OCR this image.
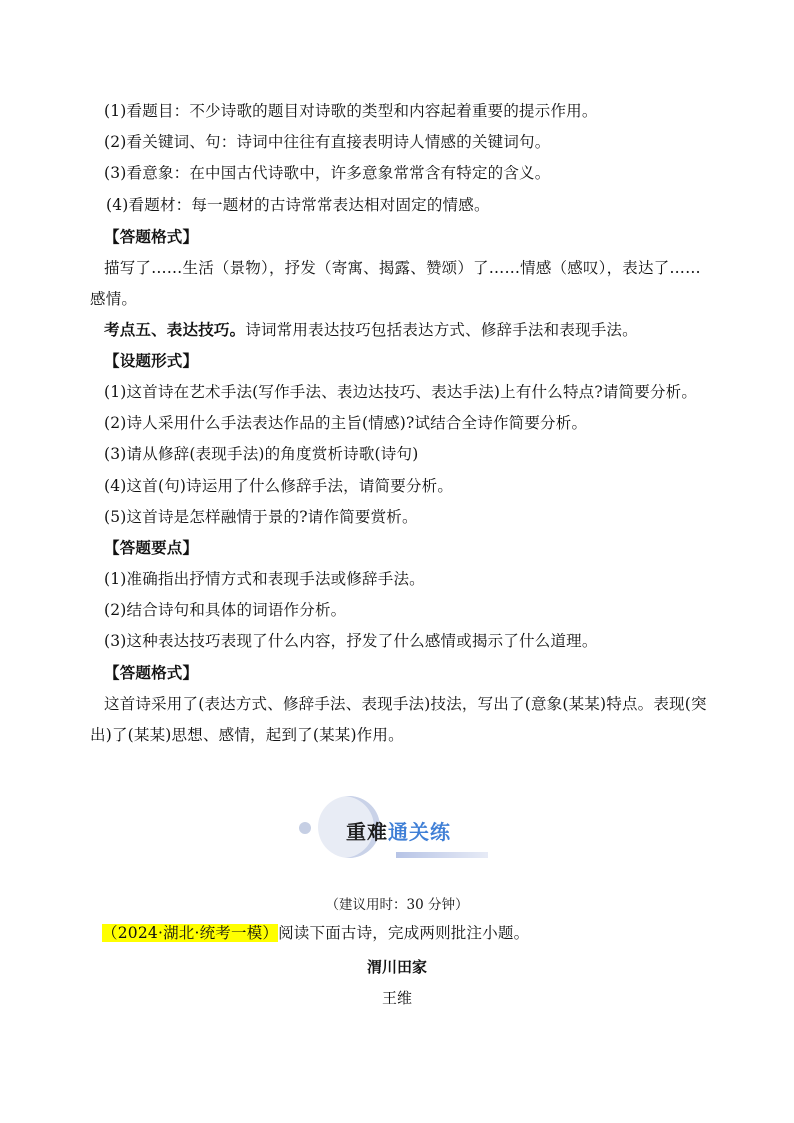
(1)看题目：不少诗歌的题目对诗歌的类型和内容起着重要的提示作用。
(2)看关键词、句：诗词中往往有直接表明诗人情感的关键词句。
(3)看意象：在中国古代诗歌中，许多意象常常含有特定的含义。
(4)看题材：每一题材的古诗常常表达相对固定的情感。
【答题格式】
描写了……生活（景物），抒发（寄寓、揭露、赞颂）了……情感（感叹），表达了……
感情。
考点五、表达技巧。诗词常用表达技巧包括表达方式、修辞手法和表现手法。
【设题形式】
(1)这首诗在艺术手法(写作手法、表边达技巧、表达手法)上有什么特点?请简要分析。
(2)诗人采用什么手法表达作品的主旨(情感)?试结合全诗作简要分析。
(3)请从修辞(表现手法)的角度赏析诗歌(诗句)
(4)这首(句)诗运用了什么修辞手法，请简要分析。
(5)这首诗是怎样融情于景的?请作简要赏析。
【答题要点】
(1)准确指出抒情方式和表现手法或修辞手法。
(2)结合诗句和具体的词语作分析。
(3)这种表达技巧表现了什么内容，抒发了什么感情或揭示了什么道理。
【答题格式】
这首诗采用了(表达方式、修辞手法、表现手法)技法，写出了(意象(某某)特点。表现(突
出)了(某某)思想、感情，起到了(某某)作用。
重难通关练
（建议用时：30 分钟）
（2024·湖北·统考一模）阅读下面古诗，完成两则批注小题。
渭川田家
王维
